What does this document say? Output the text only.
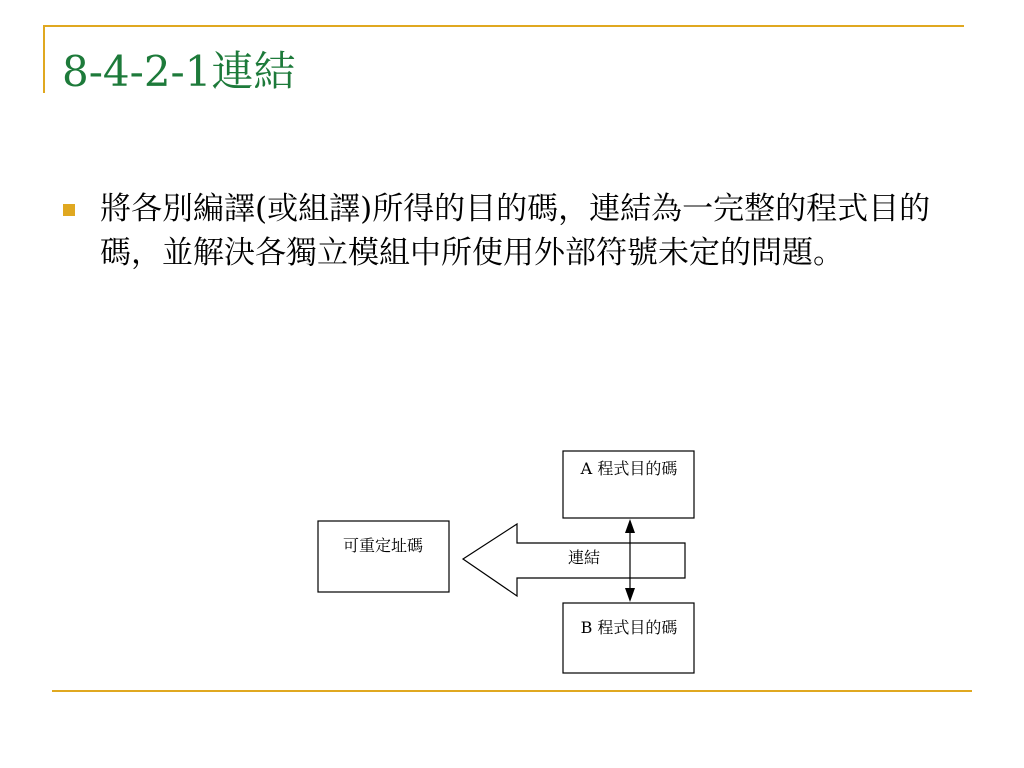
8-4-2-1連結
將各別編譯(或組譯)所得的目的碼，連結為一完整的程式目的碼，並解決各獨立模組中所使用外部符號未定的問題。
可重定址碼
連結
A 程式目的碼
B 程式目的碼
